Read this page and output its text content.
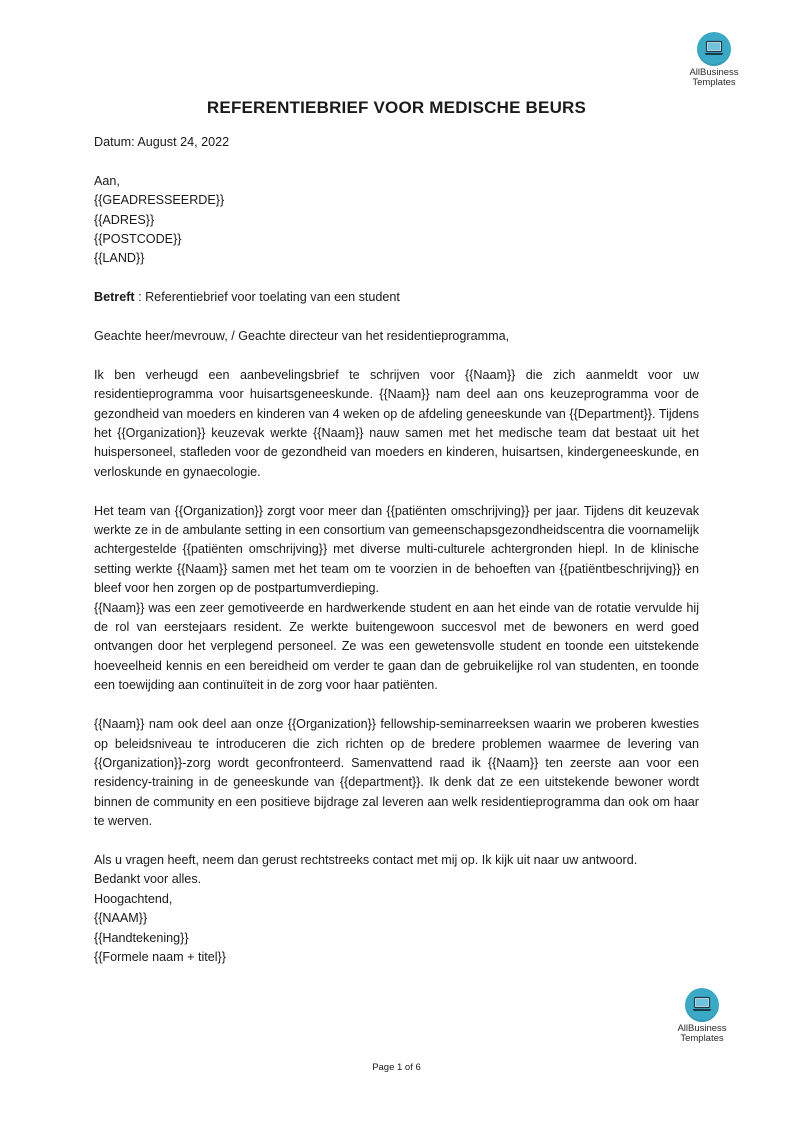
AllBusiness
Templates
REFERENTIEBRIEF VOOR MEDISCHE BEURS

Datum: August 24, 2022

Aan,

{{GEADRESSEERDE}}

{{ADRES}}

{{POSTCODE}}

{{LAND}}

Betreft : Referentiebrief voor toelating van een student

Geachte heer/mevrouw, / Geachte directeur van het residentieprogramma,

Ik ben verheugd een aanbevelingsbrief te schrijven voor {{Naam}} die zich aanmeldt voor uw residentieprogramma voor huisartsgeneeskunde. {{Naam}} nam deel aan ons keuzeprogramma voor de gezondheid van moeders en kinderen van 4 weken op de afdeling geneeskunde van {{Department}}. Tijdens het {{Organization}} keuzevak werkte {{Naam}} nauw samen met het medische team dat bestaat uit het huispersoneel, stafleden voor de gezondheid van moeders en kinderen, huisartsen, kindergeneeskunde, en verloskunde en gynaecologie.

Het team van {{Organization}} zorgt voor meer dan {{patiënten omschrijving}} per jaar. Tijdens dit keuzevak werkte ze in de ambulante setting in een consortium van gemeenschapsgezondheidscentra die voornamelijk achtergestelde {{patiënten omschrijving}} met diverse multi-culturele achtergronden hiepl. In de klinische setting werkte {{Naam}} samen met het team om te voorzien in de behoeften van {{patiëntbeschrijving}} en bleef voor hen zorgen op de postpartumverdieping.

{{Naam}} was een zeer gemotiveerde en hardwerkende student en aan het einde van de rotatie vervulde hij de rol van eerstejaars resident. Ze werkte buitengewoon succesvol met de bewoners en werd goed ontvangen door het verplegend personeel. Ze was een gewetensvolle student en toonde een uitstekende hoeveelheid kennis en een bereidheid om verder te gaan dan de gebruikelijke rol van studenten, en toonde een toewijding aan continuïteit in de zorg voor haar patiënten.

{{Naam}} nam ook deel aan onze {{Organization}} fellowship-seminarreeksen waarin we proberen kwesties op beleidsniveau te introduceren die zich richten op de bredere problemen waarmee de levering van {{Organization}}-zorg wordt geconfronteerd. Samenvattend raad ik {{Naam}} ten zeerste aan voor een residency-training in de geneeskunde van {{department}}. Ik denk dat ze een uitstekende bewoner wordt binnen de community en een positieve bijdrage zal leveren aan welk residentieprogramma dan ook om haar te werven.

Als u vragen heeft, neem dan gerust rechtstreeks contact met mij op. Ik kijk uit naar uw antwoord.

Bedankt voor alles.

Hoogachtend,

{{NAAM}}

{{Handtekening}}

{{Formele naam + titel}}

AllBusiness
Templates
Page 1 of 6
